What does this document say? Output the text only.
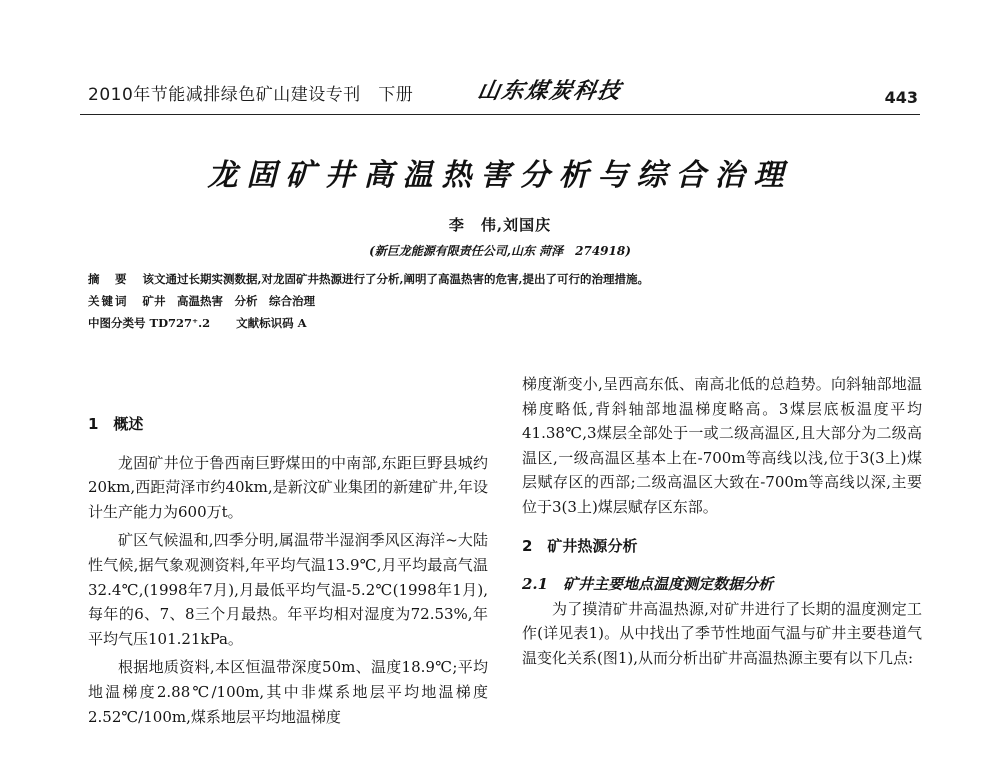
2010年节能减排绿色矿山建设专刊　下册	山东煤炭科技	443
龙固矿井高温热害分析与综合治理
李　伟,刘国庆
(新巨龙能源有限责任公司,山东 菏泽　274918)
摘　要 该文通过长期实测数据,对龙固矿井热源进行了分析,阐明了高温热害的危害,提出了可行的治理措施。
关键词 矿井　高温热害　分析　综合治理
中图分类号 TD727⁺.2 文献标识码 A

1　概述

龙固矿井位于鲁西南巨野煤田的中南部,东距巨野县城约20km,西距菏泽市约40km,是新汶矿业集团的新建矿井,年设计生产能力为600万t。

矿区气候温和,四季分明,属温带半湿润季风区海洋~大陆性气候,据气象观测资料,年平均气温13.9℃,月平均最高气温32.4℃,(1998年7月),月最低平均气温-5.2℃(1998年1月),每年的6、7、8三个月最热。年平均相对湿度为72.53%,年平均气压101.21kPa。

根据地质资料,本区恒温带深度50m、温度18.9℃;平均地温梯度2.88℃/100m,其中非煤系地层平均地温梯度2.52℃/100m,煤系地层平均地温梯度

梯度渐变小,呈西高东低、南高北低的总趋势。向斜轴部地温梯度略低,背斜轴部地温梯度略高。3煤层底板温度平均41.38℃,3煤层全部处于一或二级高温区,且大部分为二级高温区,一级高温区基本上在-700m等高线以浅,位于3(3上)煤层赋存区的西部;二级高温区大致在-700m等高线以深,主要位于3(3上)煤层赋存区东部。

2　矿井热源分析

2.1　矿井主要地点温度测定数据分析

为了摸清矿井高温热源,对矿井进行了长期的温度测定工作(详见表1)。从中找出了季节性地面气温与矿井主要巷道气温变化关系(图1),从而分析出矿井高温热源主要有以下几点:
